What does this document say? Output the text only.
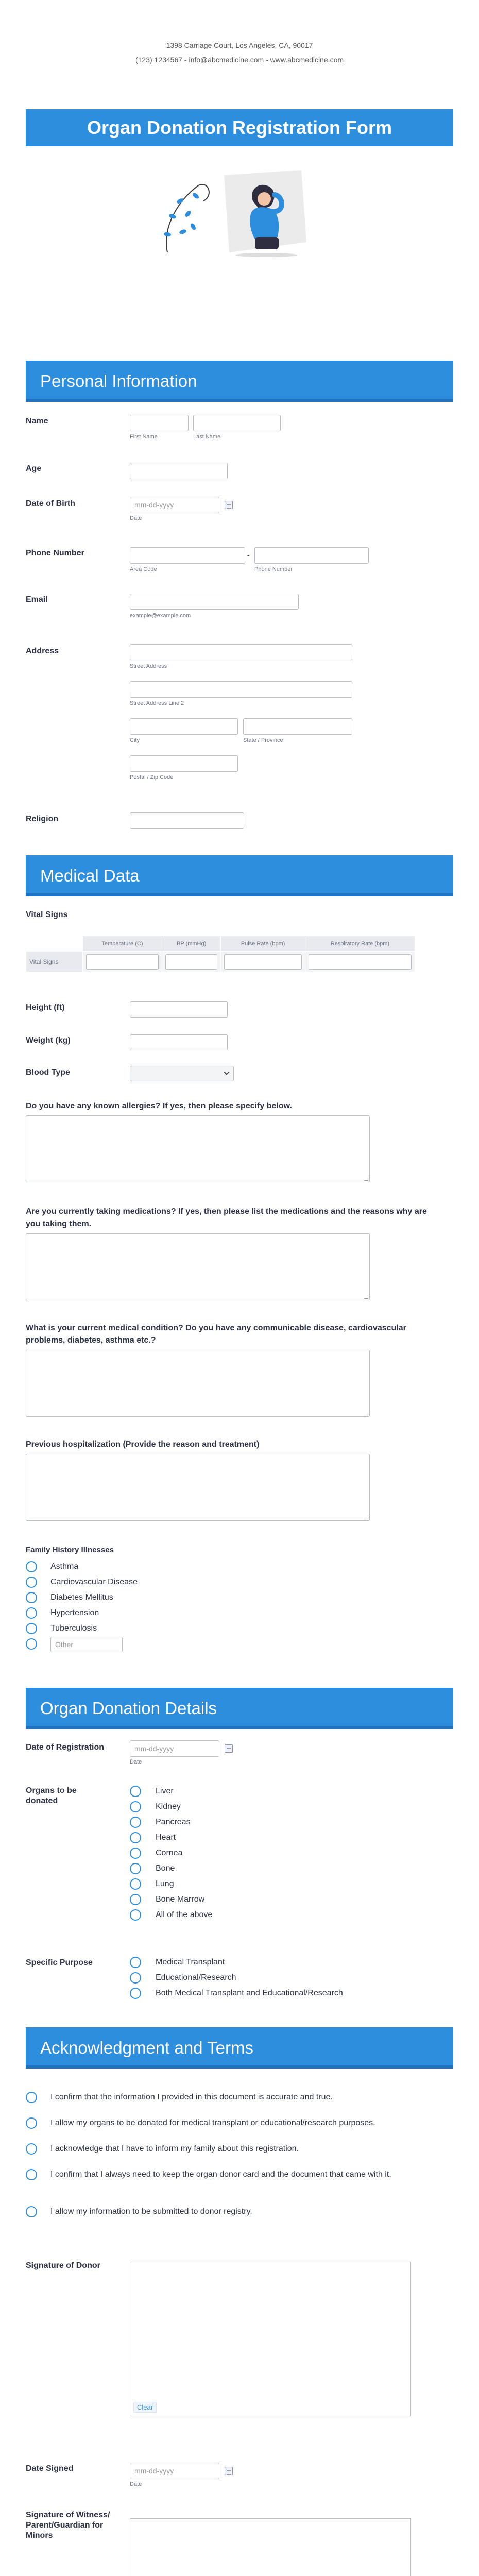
1398 Carriage Court, Los Angeles, CA, 90017
(123) 1234567 - info@abcmedicine.com - www.abcmedicine.com
Organ Donation Registration Form
Personal Information
Name
First Name	Last Name
Age
Date of Birth	mm-dd-yyyy
Date
Phone Number	-
Area Code	Phone Number
Email
example@example.com
Address
Street Address
Street Address Line 2
City	State / Province
Postal / Zip Code
Religion
Medical Data
Vital Signs
	Temperature (C)	BP (mmHg)	Pulse Rate (bpm)	Respiratory Rate (bpm)
Vital Signs	

Height (ft)
Weight (kg)
Blood Type
Do you have any known allergies? If yes, then please specify below.
Are you currently taking medications? If yes, then please list the medications and the reasons why are you taking them.
What is your current medical condition? Do you have any communicable disease, cardiovascular problems, diabetes, asthma etc.?
Previous hospitalization (Provide the reason and treatment)
Family History Illnesses
Asthma
Cardiovascular Disease
Diabetes Mellitus
Hypertension
Tuberculosis
Other
Organ Donation Details
Date of Registration	mm-dd-yyyy
Date
Organs to be donated
Liver
Kidney
Pancreas
Heart
Cornea
Bone
Lung
Bone Marrow
All of the above
Specific Purpose	Medical Transplant
Educational/Research
Both Medical Transplant and Educational/Research
Acknowledgment and Terms
I confirm that the information I provided in this document is accurate and true.
I allow my organs to be donated for medical transplant or educational/research purposes.
I acknowledge that I have to inform my family about this registration.
I confirm that I always need to keep the organ donor card and the document that came with it.
I allow my information to be submitted to donor registry.
Signature of Donor
Clear
Date Signed	mm-dd-yyyy
Date
Signature of Witness/ Parent/Guardian for Minors
